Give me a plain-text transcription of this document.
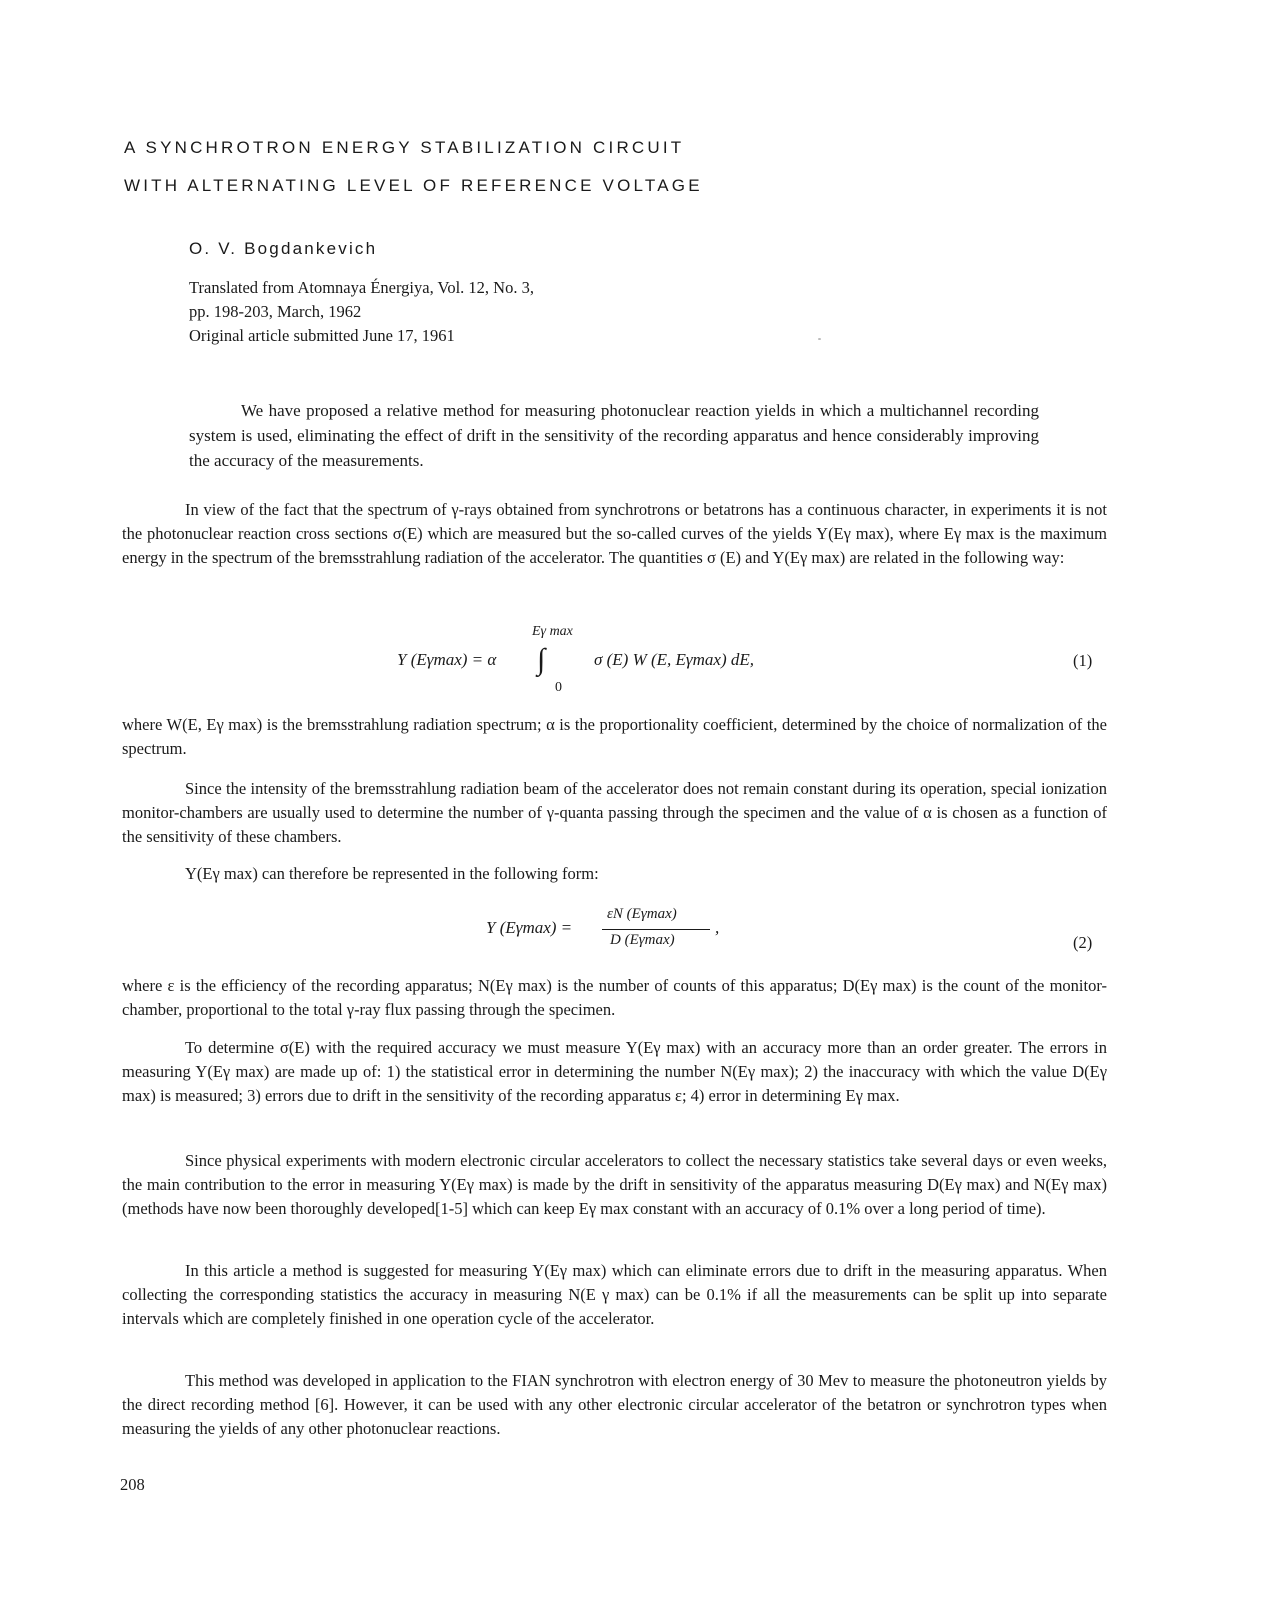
A SYNCHROTRON ENERGY STABILIZATION CIRCUIT
WITH ALTERNATING LEVEL OF REFERENCE VOLTAGE
O. V. Bogdankevich
Translated from Atomnaya Énergiya, Vol. 12, No. 3,
pp. 198-203, March, 1962
Original article submitted June 17, 1961

We have proposed a relative method for measuring photonuclear reaction yields in which a multichannel recording system is used, eliminating the effect of drift in the sensitivity of the recording apparatus and hence considerably improving the accuracy of the measurements.

In view of the fact that the spectrum of γ-rays obtained from synchrotrons or betatrons has a continuous character, in experiments it is not the photonuclear reaction cross sections σ(E) which are measured but the so-called curves of the yields Y(Eγ max), where Eγ max is the maximum energy in the spectrum of the bremsstrahlung radiation of the accelerator. The quantities σ (E) and Y(Eγ max) are related in the following way:

Eγ max
Y (Eγmax) = α ∫
0
σ (E) W (E, Eγmax) dE,	(1)

where W(E, Eγ max) is the bremsstrahlung radiation spectrum; α is the proportionality coefficient, determined by the choice of normalization of the spectrum.

Since the intensity of the bremsstrahlung radiation beam of the accelerator does not remain constant during its operation, special ionization monitor-chambers are usually used to determine the number of γ-quanta passing through the specimen and the value of α is chosen as a function of the sensitivity of these chambers.

Y(Eγ max) can therefore be represented in the following form:

Y (Eγmax) =
εN (Eγmax)
D (Eγmax)
,
(2)

where ε is the efficiency of the recording apparatus; N(Eγ max) is the number of counts of this apparatus; D(Eγ max) is the count of the monitor-chamber, proportional to the total γ-ray flux passing through the specimen.

To determine σ(E) with the required accuracy we must measure Y(Eγ max) with an accuracy more than an order greater. The errors in measuring Y(Eγ max) are made up of: 1) the statistical error in determining the number N(Eγ max); 2) the inaccuracy with which the value D(Eγ max) is measured; 3) errors due to drift in the sensitivity of the recording apparatus ε; 4) error in determining Eγ max.

Since physical experiments with modern electronic circular accelerators to collect the necessary statistics take several days or even weeks, the main contribution to the error in measuring Y(Eγ max) is made by the drift in sensitivity of the apparatus measuring D(Eγ max) and N(Eγ max) (methods have now been thoroughly developed[1-5] which can keep Eγ max constant with an accuracy of 0.1% over a long period of time).

In this article a method is suggested for measuring Y(Eγ max) which can eliminate errors due to drift in the measuring apparatus. When collecting the corresponding statistics the accuracy in measuring N(E γ max) can be 0.1% if all the measurements can be split up into separate intervals which are completely finished in one operation cycle of the accelerator.

This method was developed in application to the FIAN synchrotron with electron energy of 30 Mev to measure the photoneutron yields by the direct recording method [6]. However, it can be used with any other electronic circular accelerator of the betatron or synchrotron types when measuring the yields of any other photonuclear reactions.

208
